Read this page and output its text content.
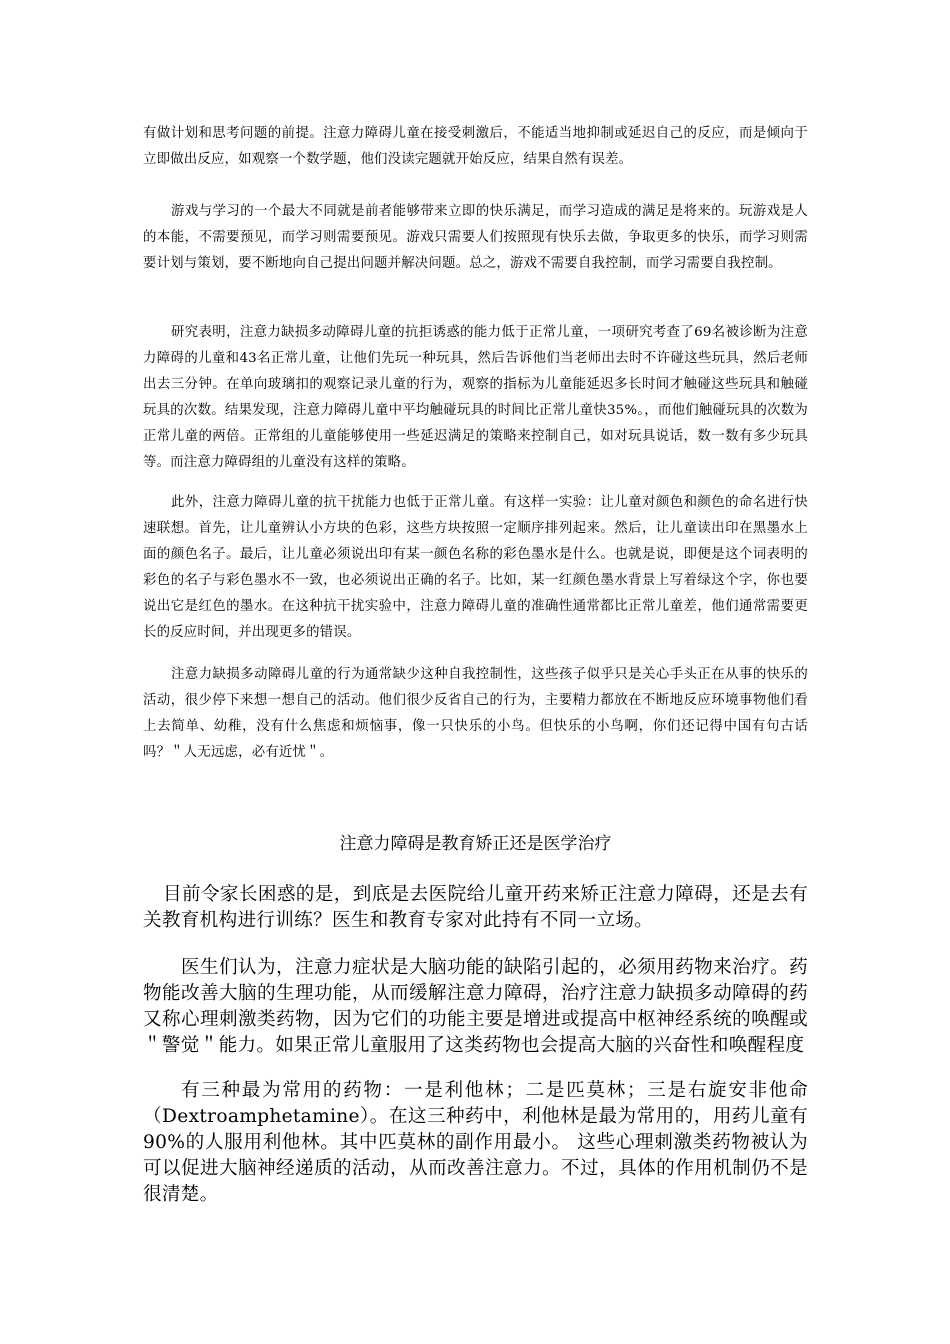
有做计划和思考问题的前提。注意力障碍儿童在接受刺激后，不能适当地抑制或延迟自己的反应，而是倾向于立即做出反应，如观察一个数学题，他们没读完题就开始反应，结果自然有误差。

游戏与学习的一个最大不同就是前者能够带来立即的快乐满足，而学习造成的满足是将来的。玩游戏是人的本能，不需要预见，而学习则需要预见。游戏只需要人们按照现有快乐去做，争取更多的快乐，而学习则需要计划与策划，要不断地向自己提出问题并解决问题。总之，游戏不需要自我控制，而学习需要自我控制。

研究表明，注意力缺损多动障碍儿童的抗拒诱惑的能力低于正常儿童，一项研究考查了69名被诊断为注意力障碍的儿童和43名正常儿童，让他们先玩一种玩具，然后告诉他们当老师出去时不许碰这些玩具，然后老师出去三分钟。在单向玻璃扣的观察记录儿童的行为，观察的指标为儿童能延迟多长时间才触碰这些玩具和触碰玩具的次数。结果发现，注意力障碍儿童中平均触碰玩具的时间比正常儿童快35%。，而他们触碰玩具的次数为正常儿童的两倍。正常组的儿童能够使用一些延迟满足的策略来控制自己，如对玩具说话，数一数有多少玩具等。而注意力障碍组的儿童没有这样的策略。

此外，注意力障碍儿童的抗干扰能力也低于正常儿童。有这样一实验：让儿童对颜色和颜色的命名进行快速联想。首先，让儿童辨认小方块的色彩，这些方块按照一定顺序排列起来。然后，让儿童读出印在黑墨水上面的颜色名子。最后，让儿童必须说出印有某一颜色名称的彩色墨水是什么。也就是说，即便是这个词表明的彩色的名子与彩色墨水不一致，也必须说出正确的名子。比如，某一红颜色墨水背景上写着绿这个字，你也要说出它是红色的墨水。在这种抗干扰实验中，注意力障碍儿童的准确性通常都比正常儿童差，他们通常需要更长的反应时间，并出现更多的错误。

注意力缺损多动障碍儿童的行为通常缺少这种自我控制性，这些孩子似乎只是关心手头正在从事的快乐的活动，很少停下来想一想自己的活动。他们很少反省自己的行为，主要精力都放在不断地反应环境事物他们看上去简单、幼稚，没有什么焦虑和烦恼事，像一只快乐的小鸟。但快乐的小鸟啊，你们还记得中国有句古话吗？＂人无远虑，必有近忧＂。

注意力障碍是教育矫正还是医学治疗

目前令家长困惑的是，到底是去医院给儿童开药来矫正注意力障碍，还是去有关教育机构进行训练？医生和教育专家对此持有不同一立场。

医生们认为，注意力症状是大脑功能的缺陷引起的，必须用药物来治疗。药物能改善大脑的生理功能，从而缓解注意力障碍，治疗注意力缺损多动障碍的药又称心理刺激类药物，因为它们的功能主要是增进或提高中枢神经系统的唤醒或＂警觉＂能力。如果正常儿童服用了这类药物也会提高大脑的兴奋性和唤醒程度

有三种最为常用的药物：一是利他林；二是匹莫林；三是右旋安非他命（Dextroamphetamine）。在这三种药中，利他林是最为常用的，用药儿童有90%的人服用利他林。其中匹莫林的副作用最小。 这些心理刺激类药物被认为可以促进大脑神经递质的活动，从而改善注意力。不过，具体的作用机制仍不是很清楚。
